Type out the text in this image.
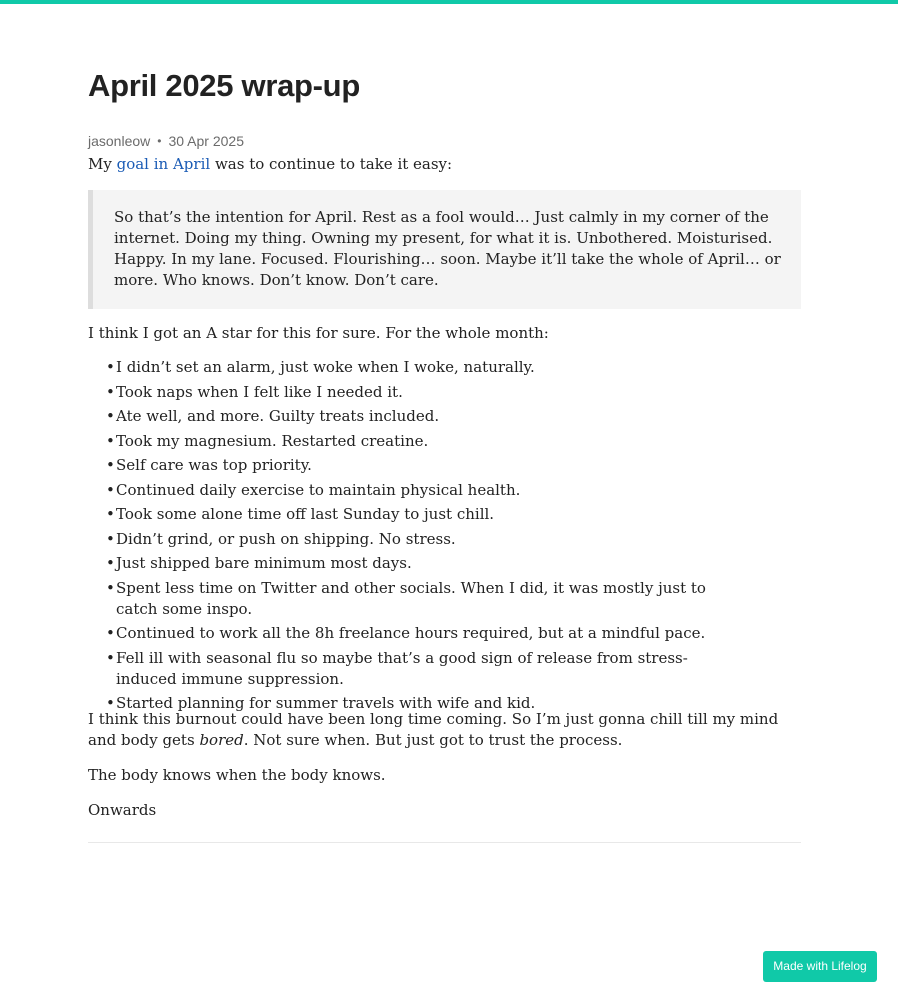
April 2025 wrap-up
jasonleow • 30 Apr 2025

My goal in April was to continue to take it easy:

So that’s the intention for April. Rest as a fool would… Just calmly in my corner of the internet. Doing my thing. Owning my present, for what it is. Unbothered. Moisturised. Happy. In my lane. Focused. Flourishing… soon. Maybe it’ll take the whole of April… or more. Who knows. Don’t know. Don’t care.

I think I got an A star for this for sure. For the whole month:

• I didn’t set an alarm, just woke when I woke, naturally.
• Took naps when I felt like I needed it.
• Ate well, and more. Guilty treats included.
• Took my magnesium. Restarted creatine.
• Self care was top priority.
• Continued daily exercise to maintain physical health.
• Took some alone time off last Sunday to just chill.
• Didn’t grind, or push on shipping. No stress.
• Just shipped bare minimum most days.
• Spent less time on Twitter and other socials. When I did, it was mostly just to catch some inspo.
• Continued to work all the 8h freelance hours required, but at a mindful pace.
• Fell ill with seasonal flu so maybe that’s a good sign of release from stress-induced immune suppression.
• Started planning for summer travels with wife and kid.

I think this burnout could have been long time coming. So I’m just gonna chill till my mind and body gets bored. Not sure when. But just got to trust the process.

The body knows when the body knows.

Onwards

Made with Lifelog
